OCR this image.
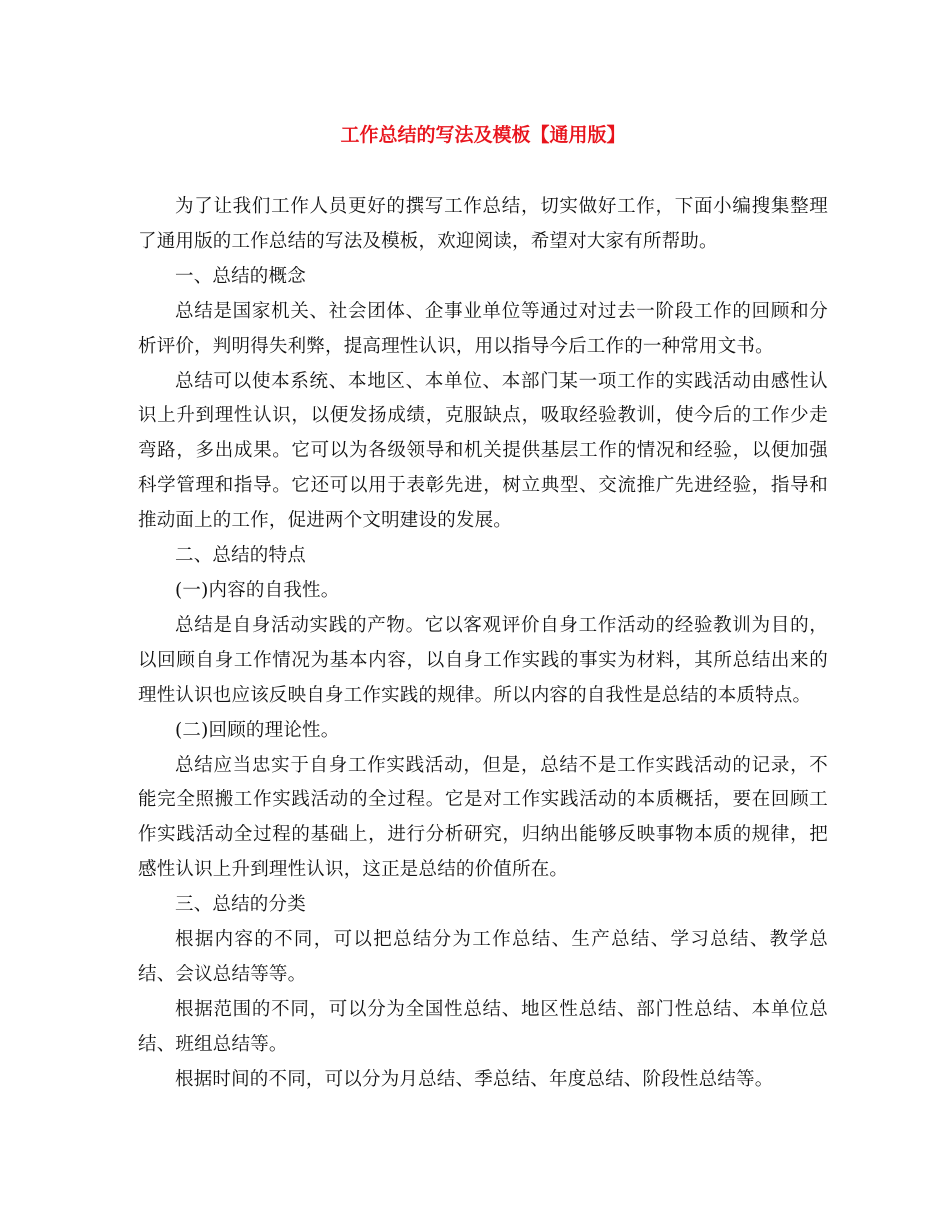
工作总结的写法及模板【通用版】

为了让我们工作人员更好的撰写工作总结，切实做好工作，下面小编搜集整理了通用版的工作总结的写法及模板，欢迎阅读，希望对大家有所帮助。

一、总结的概念

总结是国家机关、社会团体、企事业单位等通过对过去一阶段工作的回顾和分析评价，判明得失利弊，提高理性认识，用以指导今后工作的一种常用文书。

总结可以使本系统、本地区、本单位、本部门某一项工作的实践活动由感性认识上升到理性认识，以便发扬成绩，克服缺点，吸取经验教训，使今后的工作少走弯路，多出成果。它可以为各级领导和机关提供基层工作的情况和经验，以便加强科学管理和指导。它还可以用于表彰先进，树立典型、交流推广先进经验，指导和推动面上的工作，促进两个文明建设的发展。

二、总结的特点

(一)内容的自我性。

总结是自身活动实践的产物。它以客观评价自身工作活动的经验教训为目的，以回顾自身工作情况为基本内容，以自身工作实践的事实为材料，其所总结出来的理性认识也应该反映自身工作实践的规律。所以内容的自我性是总结的本质特点。

(二)回顾的理论性。

总结应当忠实于自身工作实践活动，但是，总结不是工作实践活动的记录，不能完全照搬工作实践活动的全过程。它是对工作实践活动的本质概括，要在回顾工作实践活动全过程的基础上，进行分析研究，归纳出能够反映事物本质的规律，把感性认识上升到理性认识，这正是总结的价值所在。

三、总结的分类

根据内容的不同，可以把总结分为工作总结、生产总结、学习总结、教学总结、会议总结等等。

根据范围的不同，可以分为全国性总结、地区性总结、部门性总结、本单位总结、班组总结等。

根据时间的不同，可以分为月总结、季总结、年度总结、阶段性总结等。
